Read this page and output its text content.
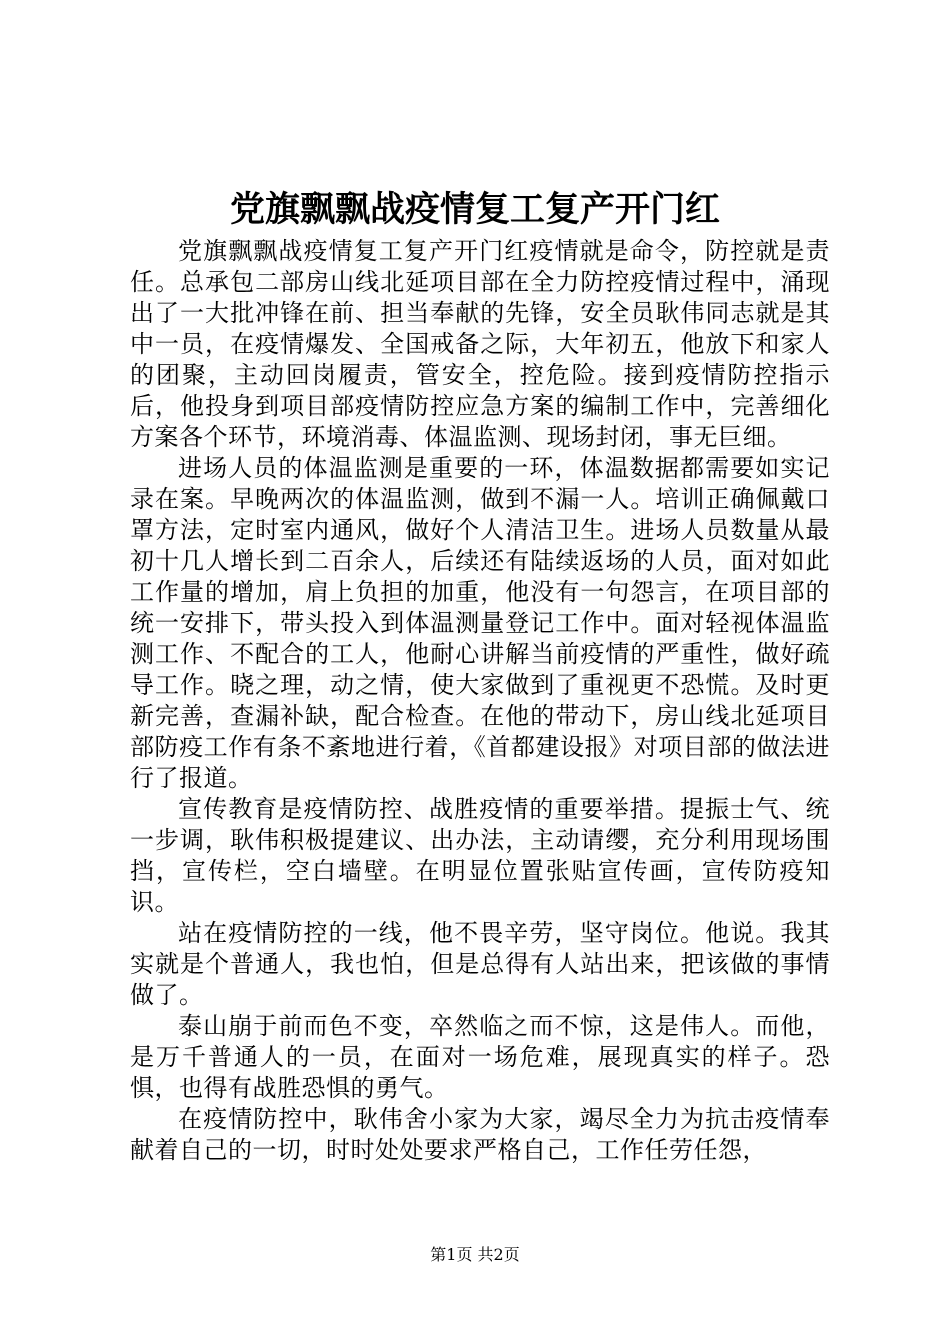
党旗飘飘战疫情复工复产开门红

党旗飘飘战疫情复工复产开门红疫情就是命令，防控就是责任。总承包二部房山线北延项目部在全力防控疫情过程中，涌现出了一大批冲锋在前、担当奉献的先锋，安全员耿伟同志就是其中一员，在疫情爆发、全国戒备之际，大年初五，他放下和家人的团聚，主动回岗履责，管安全，控危险。接到疫情防控指示后，他投身到项目部疫情防控应急方案的编制工作中，完善细化方案各个环节，环境消毒、体温监测、现场封闭，事无巨细。

进场人员的体温监测是重要的一环，体温数据都需要如实记录在案。早晚两次的体温监测，做到不漏一人。培训正确佩戴口罩方法，定时室内通风，做好个人清洁卫生。进场人员数量从最初十几人增长到二百余人，后续还有陆续返场的人员，面对如此工作量的增加，肩上负担的加重，他没有一句怨言，在项目部的统一安排下，带头投入到体温测量登记工作中。面对轻视体温监测工作、不配合的工人，他耐心讲解当前疫情的严重性，做好疏导工作。晓之理，动之情，使大家做到了重视更不恐慌。及时更新完善，查漏补缺，配合检查。在他的带动下，房山线北延项目部防疫工作有条不紊地进行着，《首都建设报》对项目部的做法进行了报道。

宣传教育是疫情防控、战胜疫情的重要举措。提振士气、统一步调，耿伟积极提建议、出办法，主动请缨，充分利用现场围挡，宣传栏，空白墙壁。在明显位置张贴宣传画，宣传防疫知识。

站在疫情防控的一线，他不畏辛劳，坚守岗位。他说。我其实就是个普通人，我也怕，但是总得有人站出来，把该做的事情做了。

泰山崩于前而色不变，卒然临之而不惊，这是伟人。而他，是万千普通人的一员，在面对一场危难，展现真实的样子。恐惧，也得有战胜恐惧的勇气。

在疫情防控中，耿伟舍小家为大家，竭尽全力为抗击疫情奉献着自己的一切，时时处处要求严格自己，工作任劳任怨，

第1页 共2页
